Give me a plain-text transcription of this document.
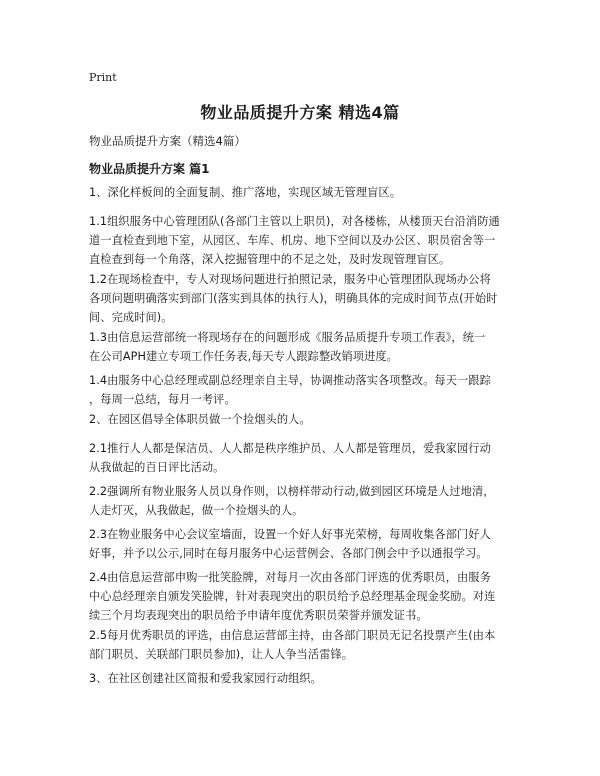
Print
物业品质提升方案 精选4篇
物业品质提升方案（精选4篇）
物业品质提升方案 篇1
1、深化样板间的全面复制、推广落地，实现区域无管理盲区。
1.1组织服务中心管理团队(各部门主管以上职员)，对各楼栋，从楼顶天台沿消防通
道一直检查到地下室，从园区、车库、机房、地下空间以及办公区、职员宿舍等一
直检查到每一个角落，深入挖掘管理中的不足之处，及时发现管理盲区。
1.2在现场检查中，专人对现场问题进行拍照记录，服务中心管理团队现场办公将
各项问题明确落实到部门(落实到具体的执行人)，明确具体的完成时间节点(开始时
间、完成时间)。
1.3由信息运营部统一将现场存在的问题形成《服务品质提升专项工作表》，统一
在公司APH建立专项工作任务表,每天专人跟踪整改销项进度。
1.4由服务中心总经理或副总经理亲自主导，协调推动落实各项整改。每天一跟踪
，每周一总结，每月一考评。
2、在园区倡导全体职员做一个捡烟头的人。
2.1推行人人都是保洁员、人人都是秩序维护员、人人都是管理员，爱我家园行动
从我做起的百日评比活动。
2.2强调所有物业服务人员以身作则，以榜样带动行动,做到园区环境是人过地清，
人走灯灭，从我做起，做一个捡烟头的人。
2.3在物业服务中心会议室墙面，设置一个好人好事光荣榜，每周收集各部门好人
好事，并予以公示,同时在每月服务中心运营例会、各部门例会中予以通报学习。
2.4由信息运营部申购一批笑脸牌，对每月一次由各部门评选的优秀职员，由服务
中心总经理亲自颁发笑脸牌，针对表现突出的职员给予总经理基金现金奖励。对连
续三个月均表现突出的职员给予申请年度优秀职员荣誉并颁发证书。
2.5每月优秀职员的评选，由信息运营部主持，由各部门职员无记名投票产生(由本
部门职员、关联部门职员参加)，让人人争当活雷锋。
3、在社区创建社区简报和爱我家园行动组织。
